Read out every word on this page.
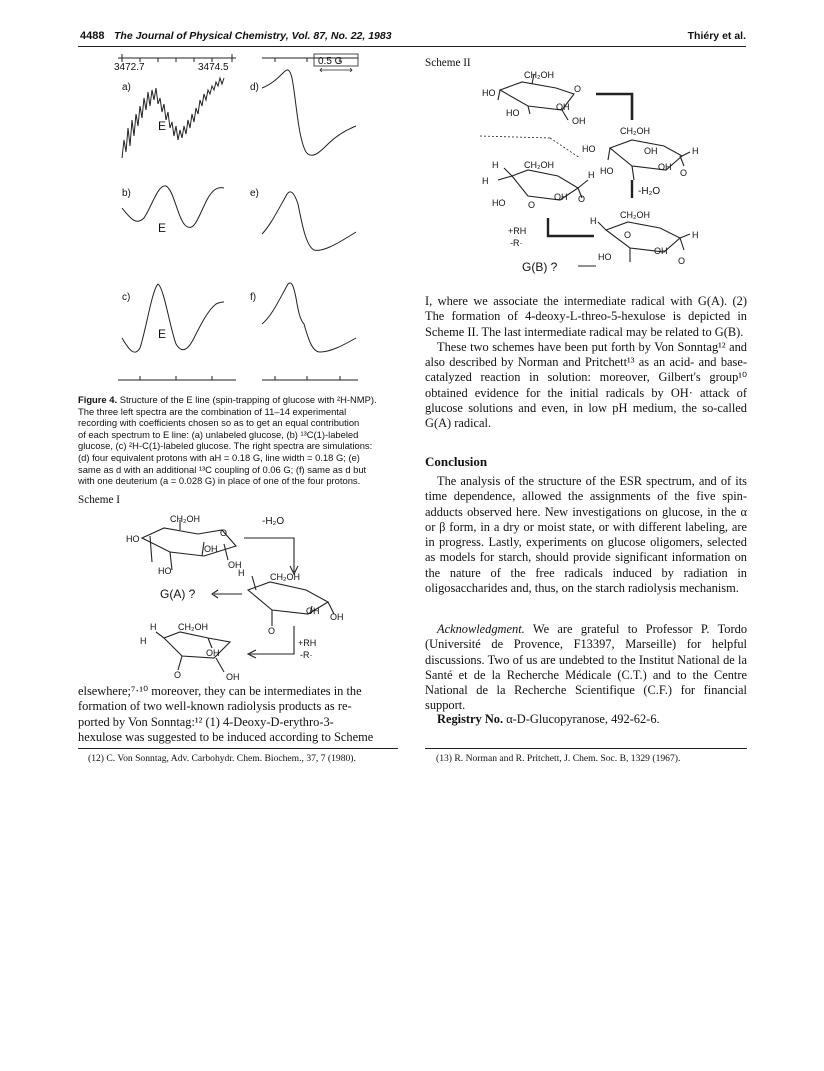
4488 The Journal of Physical Chemistry, Vol. 87, No. 22, 1983	Thiéry et al.
3472.7	3474.5
0.5 G
a)
b)
c)
d)
e)
f)
E
E
E
Figure 4. Structure of the E line (spin-trapping of glucose with ²H-NMP).
The three left spectra are the combination of 11–14 experimental
recording with coefficients chosen so as to get an equal contribution
of each spectrum to E line: (a) unlabeled glucose, (b) ¹³C(1)-labeled
glucose, (c) ²H-C(1)-labeled glucose. The right spectra are simulations:
(d) four equivalent protons with aH = 0.18 G, line width = 0.18 G; (e)
same as d with an additional ¹³C coupling of 0.06 G; (f) same as d but
with one deuterium (a = 0.028 G) in place of one of the four protons.
Scheme I
CH₂OH
HO
HO
OH
OH
O
-H₂O
H	CH₂OH
O
OH
OH
G(A) ?
+RH
-R·
H
H
CH₂OH
O
OH
OH
elsewhere;⁷·¹⁰ moreover, they can be intermediates in the
formation of two well-known radiolysis products as re-
ported by Von Sonntag:¹² (1) 4-Deoxy-D-erythro-3-
hexulose was suggested to be induced according to Scheme
Scheme II
CH₂OH
HO
HO
OH
OH
O
CH₂OH
HO	OH
HO	OH
H
O
H
H
CH₂OH
HO	O
OH
H
O
-H₂O
+RH
-R·
H
CH₂OH
O
HO
OH
H
O
G(B) ?

I, where we associate the intermediate radical with G(A). (2) The formation of 4-deoxy-L-threo-5-hexulose is depicted in Scheme II. The last intermediate radical may be related to G(B).

These two schemes have been put forth by Von Sonntag¹² and also described by Norman and Pritchett¹³ as an acid- and base-catalyzed reaction in solution: moreover, Gilbert's group¹⁰ obtained evidence for the initial radicals by OH· attack of glucose solutions and even, in low pH medium, the so-called G(A) radical.

Conclusion

The analysis of the structure of the ESR spectrum, and of its time dependence, allowed the assignments of the five spin-adducts observed here. New investigations on glucose, in the α or β form, in a dry or moist state, or with different labeling, are in progress. Lastly, experiments on glucose oligomers, selected as models for starch, should provide significant information on the nature of the free radicals induced by radiation in oligosaccharides and, thus, on the starch radiolysis mechanism.

Acknowledgment. We are grateful to Professor P. Tordo (Université de Provence, F13397, Marseille) for helpful discussions. Two of us are undebted to the Institut National de la Santé et de la Recherche Médicale (C.T.) and to the Centre National de la Recherche Scientifique (C.F.) for financial support.

Registry No. α-D-Glucopyranose, 492-62-6.

(12) C. Von Sonntag, Adv. Carbohydr. Chem. Biochem., 37, 7 (1980).	(13) R. Norman and R. Pritchett, J. Chem. Soc. B, 1329 (1967).
